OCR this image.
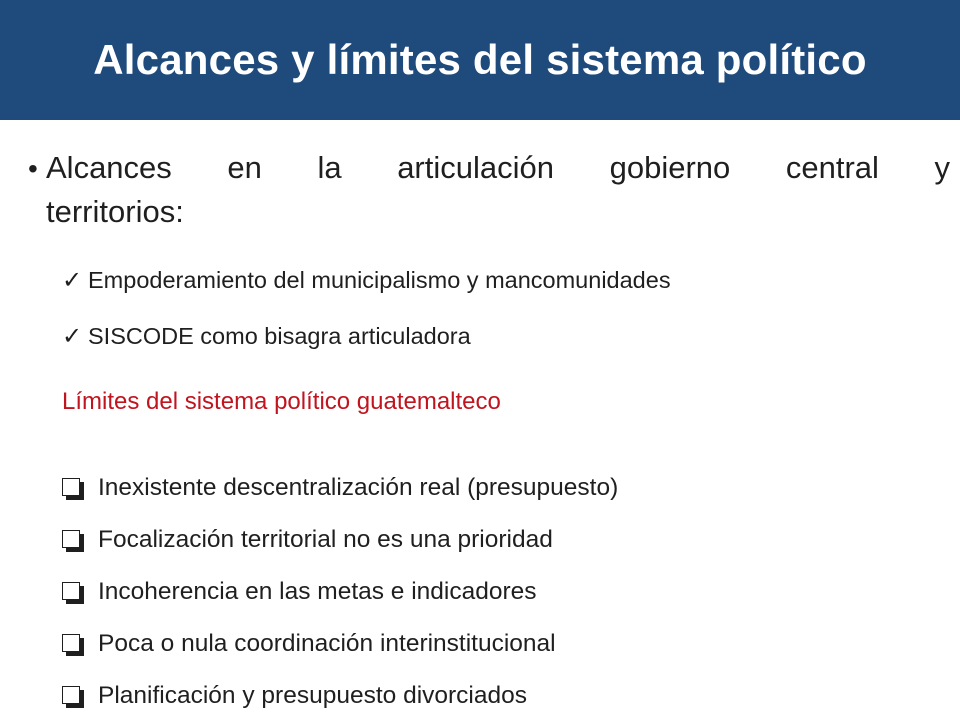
Alcances y límites del sistema político
• Alcances en la articulación gobierno central y
territorios:
✓ Empoderamiento del municipalismo y mancomunidades
✓ SISCODE como bisagra articuladora
Límites del sistema político guatemalteco
Inexistente descentralización real (presupuesto)
Focalización territorial no es una prioridad
Incoherencia en las metas e indicadores
Poca o nula coordinación interinstitucional
Planificación y presupuesto divorciados
